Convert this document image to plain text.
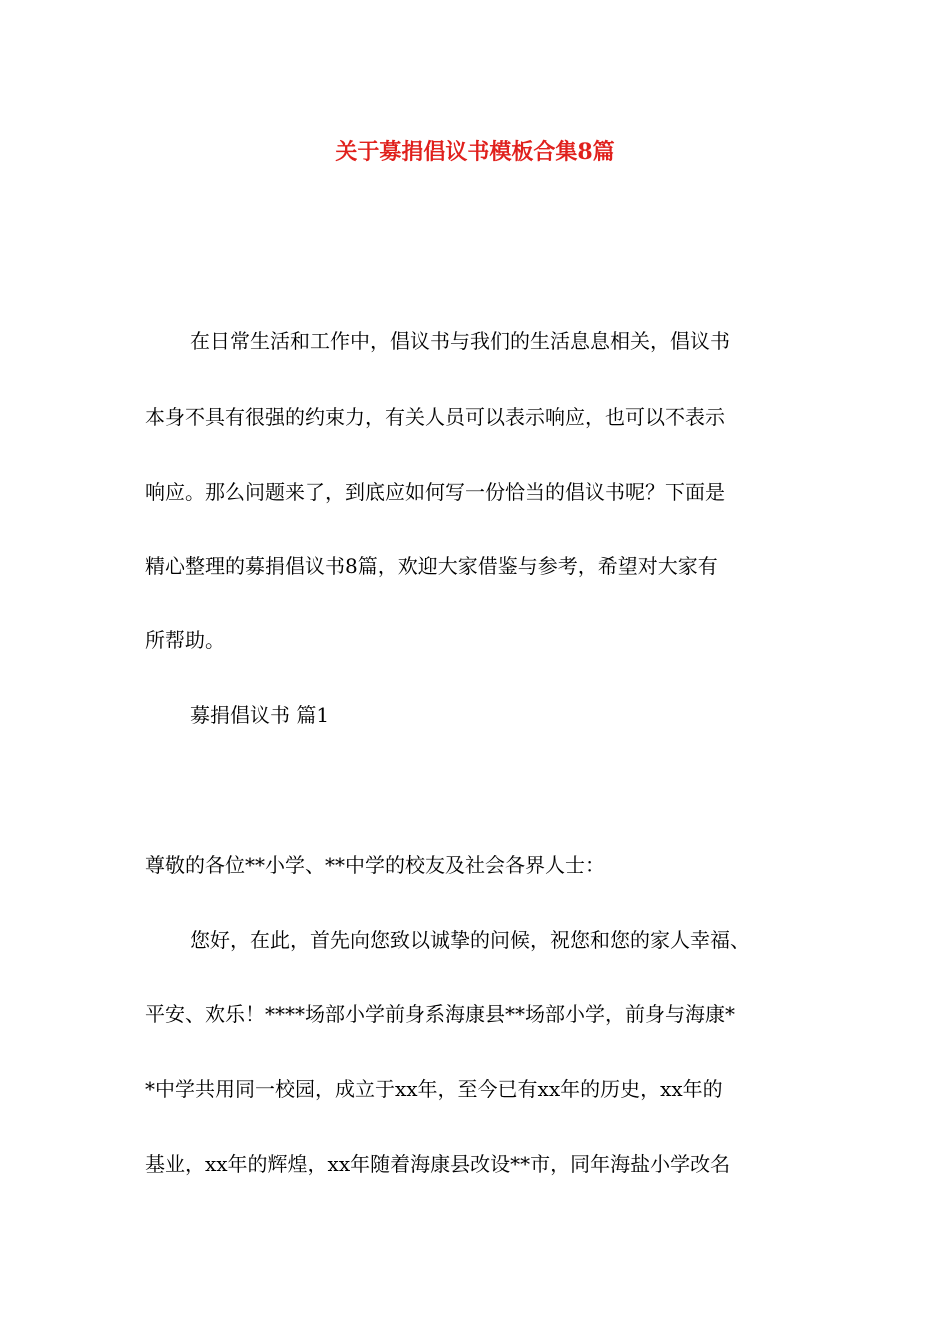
关于募捐倡议书模板合集8篇
在日常生活和工作中，倡议书与我们的生活息息相关，倡议书
本身不具有很强的约束力，有关人员可以表示响应，也可以不表示
响应。那么问题来了，到底应如何写一份恰当的倡议书呢？下面是
精心整理的募捐倡议书8篇，欢迎大家借鉴与参考，希望对大家有
所帮助。
募捐倡议书 篇1
尊敬的各位**小学、**中学的校友及社会各界人士：
您好，在此，首先向您致以诚挚的问候，祝您和您的家人幸福、
平安、欢乐！****场部小学前身系海康县**场部小学，前身与海康*
*中学共用同一校园，成立于xx年，至今已有xx年的历史，xx年的
基业，xx年的辉煌，xx年随着海康县改设**市，同年海盐小学改名
